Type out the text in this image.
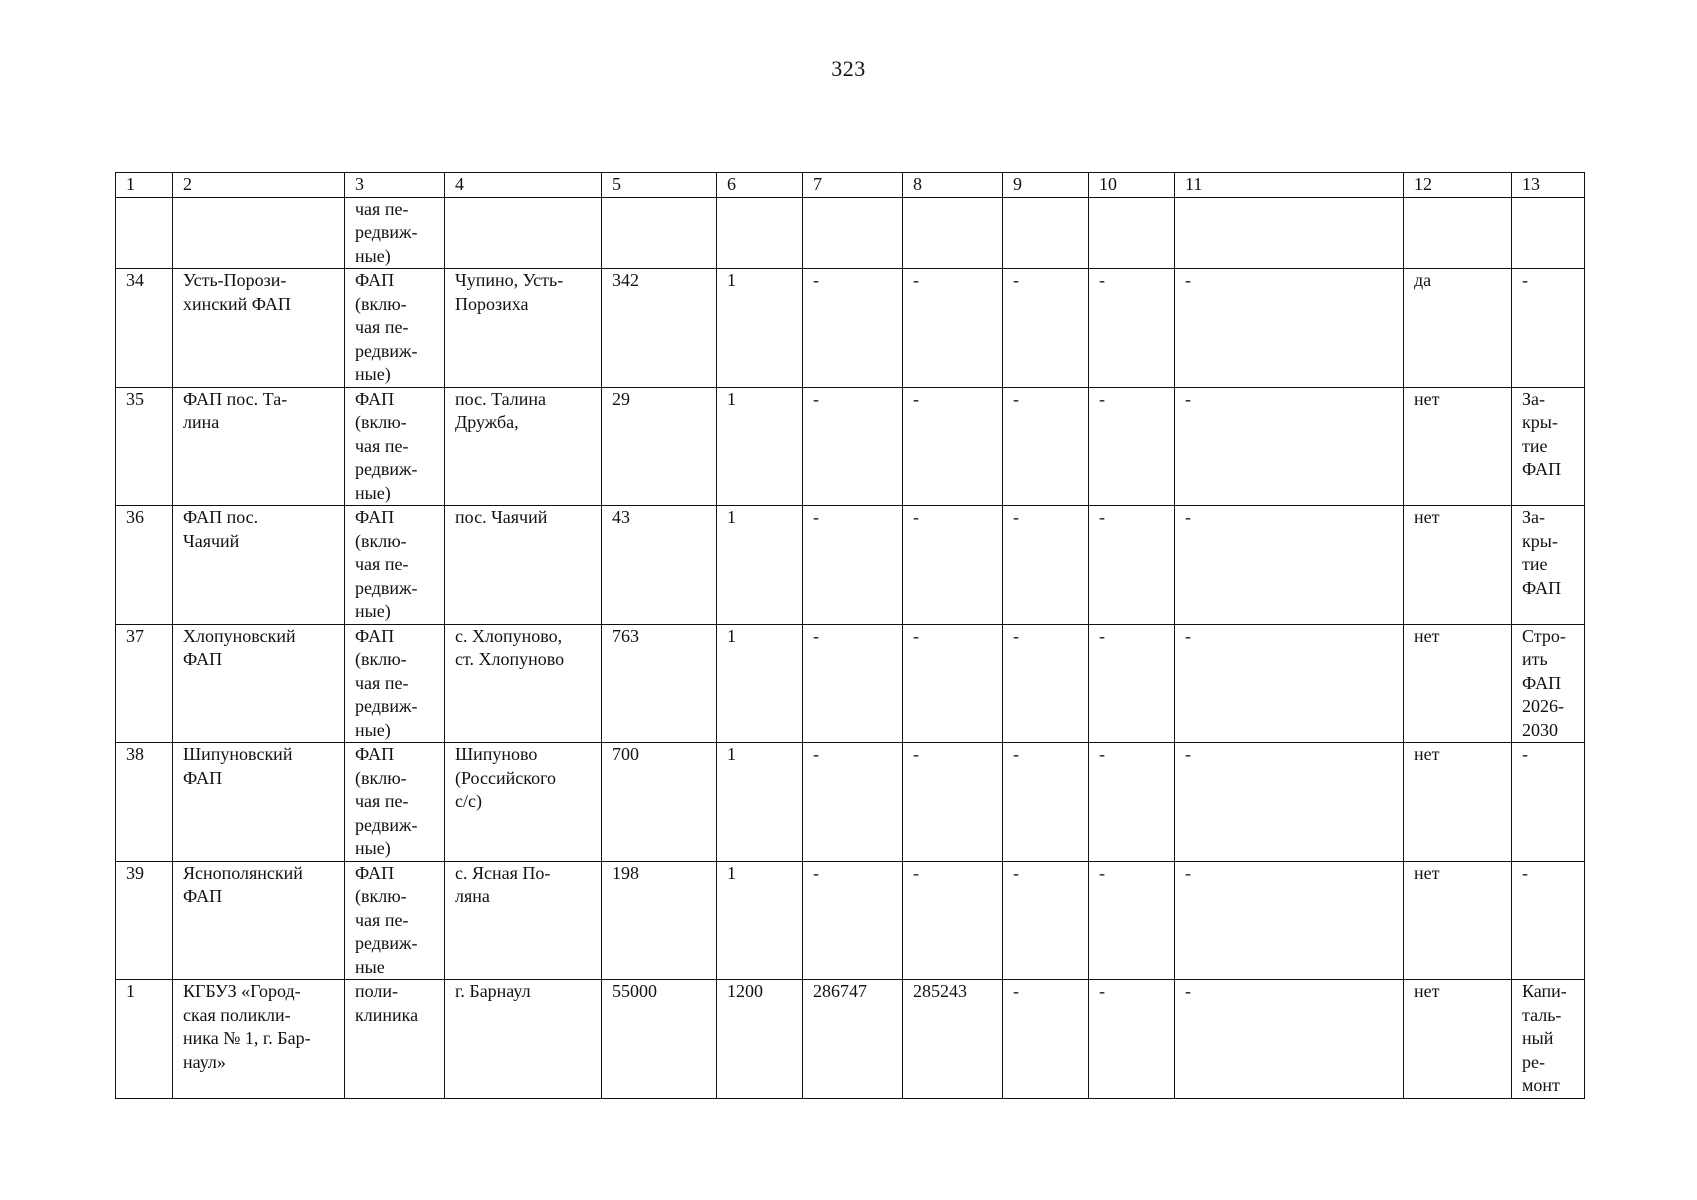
323
1	2	3	4	5	6	7	8	9	10	11	12	13
		чая пе-
редвиж-
ные)										
34	Усть-Порози-
хинский ФАП	ФАП
(вклю-
чая пе-
редвиж-
ные)	Чупино, Усть-
Порозиха	342	1	-	-	-	-	-	да	-
35	ФАП пос. Та-
лина	ФАП
(вклю-
чая пе-
редвиж-
ные)	пос. Талина
Дружба,	29	1	-	-	-	-	-	нет	За-
кры-
тие
ФАП
36	ФАП пос.
Чаячий	ФАП
(вклю-
чая пе-
редвиж-
ные)	пос. Чаячий	43	1	-	-	-	-	-	нет	За-
кры-
тие
ФАП
37	Хлопуновский
ФАП	ФАП
(вклю-
чая пе-
редвиж-
ные)	с. Хлопуново,
ст. Хлопуново	763	1	-	-	-	-	-	нет	Стро-
ить
ФАП
2026-
2030
38	Шипуновский
ФАП	ФАП
(вклю-
чая пе-
редвиж-
ные)	Шипуново
(Российского
с/с)	700	1	-	-	-	-	-	нет	-
39	Яснополянский
ФАП	ФАП
(вклю-
чая пе-
редвиж-
ные	с. Ясная По-
ляна	198	1	-	-	-	-	-	нет	-
1	КГБУЗ «Город-
ская поликли-
ника № 1, г. Бар-
наул»	поли-
клиника	г. Барнаул	55000	1200	286747	285243	-	-	-	нет	Капи-
таль-
ный
ре-
монт
